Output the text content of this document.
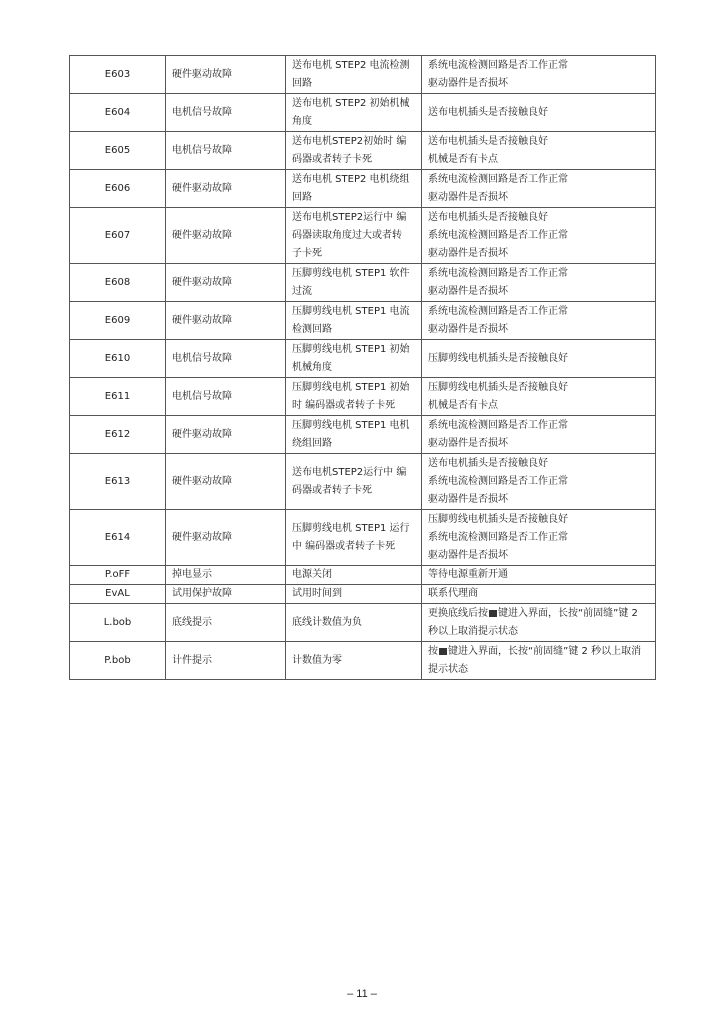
E603	硬件驱动故障	送布电机 STEP2 电流检测
回路	系统电流检测回路是否工作正常
驱动器件是否损坏

E604	电机信号故障	送布电机 STEP2 初始机械
角度	送布电机插头是否接触良好

E605	电机信号故障	送布电机STEP2初始时 编
码器或者转子卡死	送布电机插头是否接触良好
机械是否有卡点

E606	硬件驱动故障	送布电机 STEP2 电机绕组
回路	系统电流检测回路是否工作正常
驱动器件是否损坏

E607	硬件驱动故障	送布电机STEP2运行中 编
码器读取角度过大或者转
子卡死	送布电机插头是否接触良好
系统电流检测回路是否工作正常
驱动器件是否损坏

E608	硬件驱动故障	压脚剪线电机 STEP1 软件
过流	系统电流检测回路是否工作正常
驱动器件是否损坏

E609	硬件驱动故障	压脚剪线电机 STEP1 电流
检测回路	系统电流检测回路是否工作正常
驱动器件是否损坏

E610	电机信号故障	压脚剪线电机 STEP1 初始
机械角度	压脚剪线电机插头是否接触良好

E611	电机信号故障	压脚剪线电机 STEP1 初始
时 编码器或者转子卡死	压脚剪线电机插头是否接触良好
机械是否有卡点

E612	硬件驱动故障	压脚剪线电机 STEP1 电机
绕组回路	系统电流检测回路是否工作正常
驱动器件是否损坏

E613	硬件驱动故障	送布电机STEP2运行中 编
码器或者转子卡死	送布电机插头是否接触良好
系统电流检测回路是否工作正常
驱动器件是否损坏

E614	硬件驱动故障	压脚剪线电机 STEP1 运行
中 编码器或者转子卡死	压脚剪线电机插头是否接触良好
系统电流检测回路是否工作正常
驱动器件是否损坏

P.oFF	掉电显示	电源关闭	等待电源重新开通

EvAL	试用保护故障	试用时间到	联系代理商

L.bob	底线提示	底线计数值为负	更换底线后按 键进入界面，长按“前固缝”键 2
秒以上取消提示状态

P.bob	计件提示	计数值为零	按 键进入界面，长按“前固缝”键 2 秒以上取消
提示状态
– 11 –
